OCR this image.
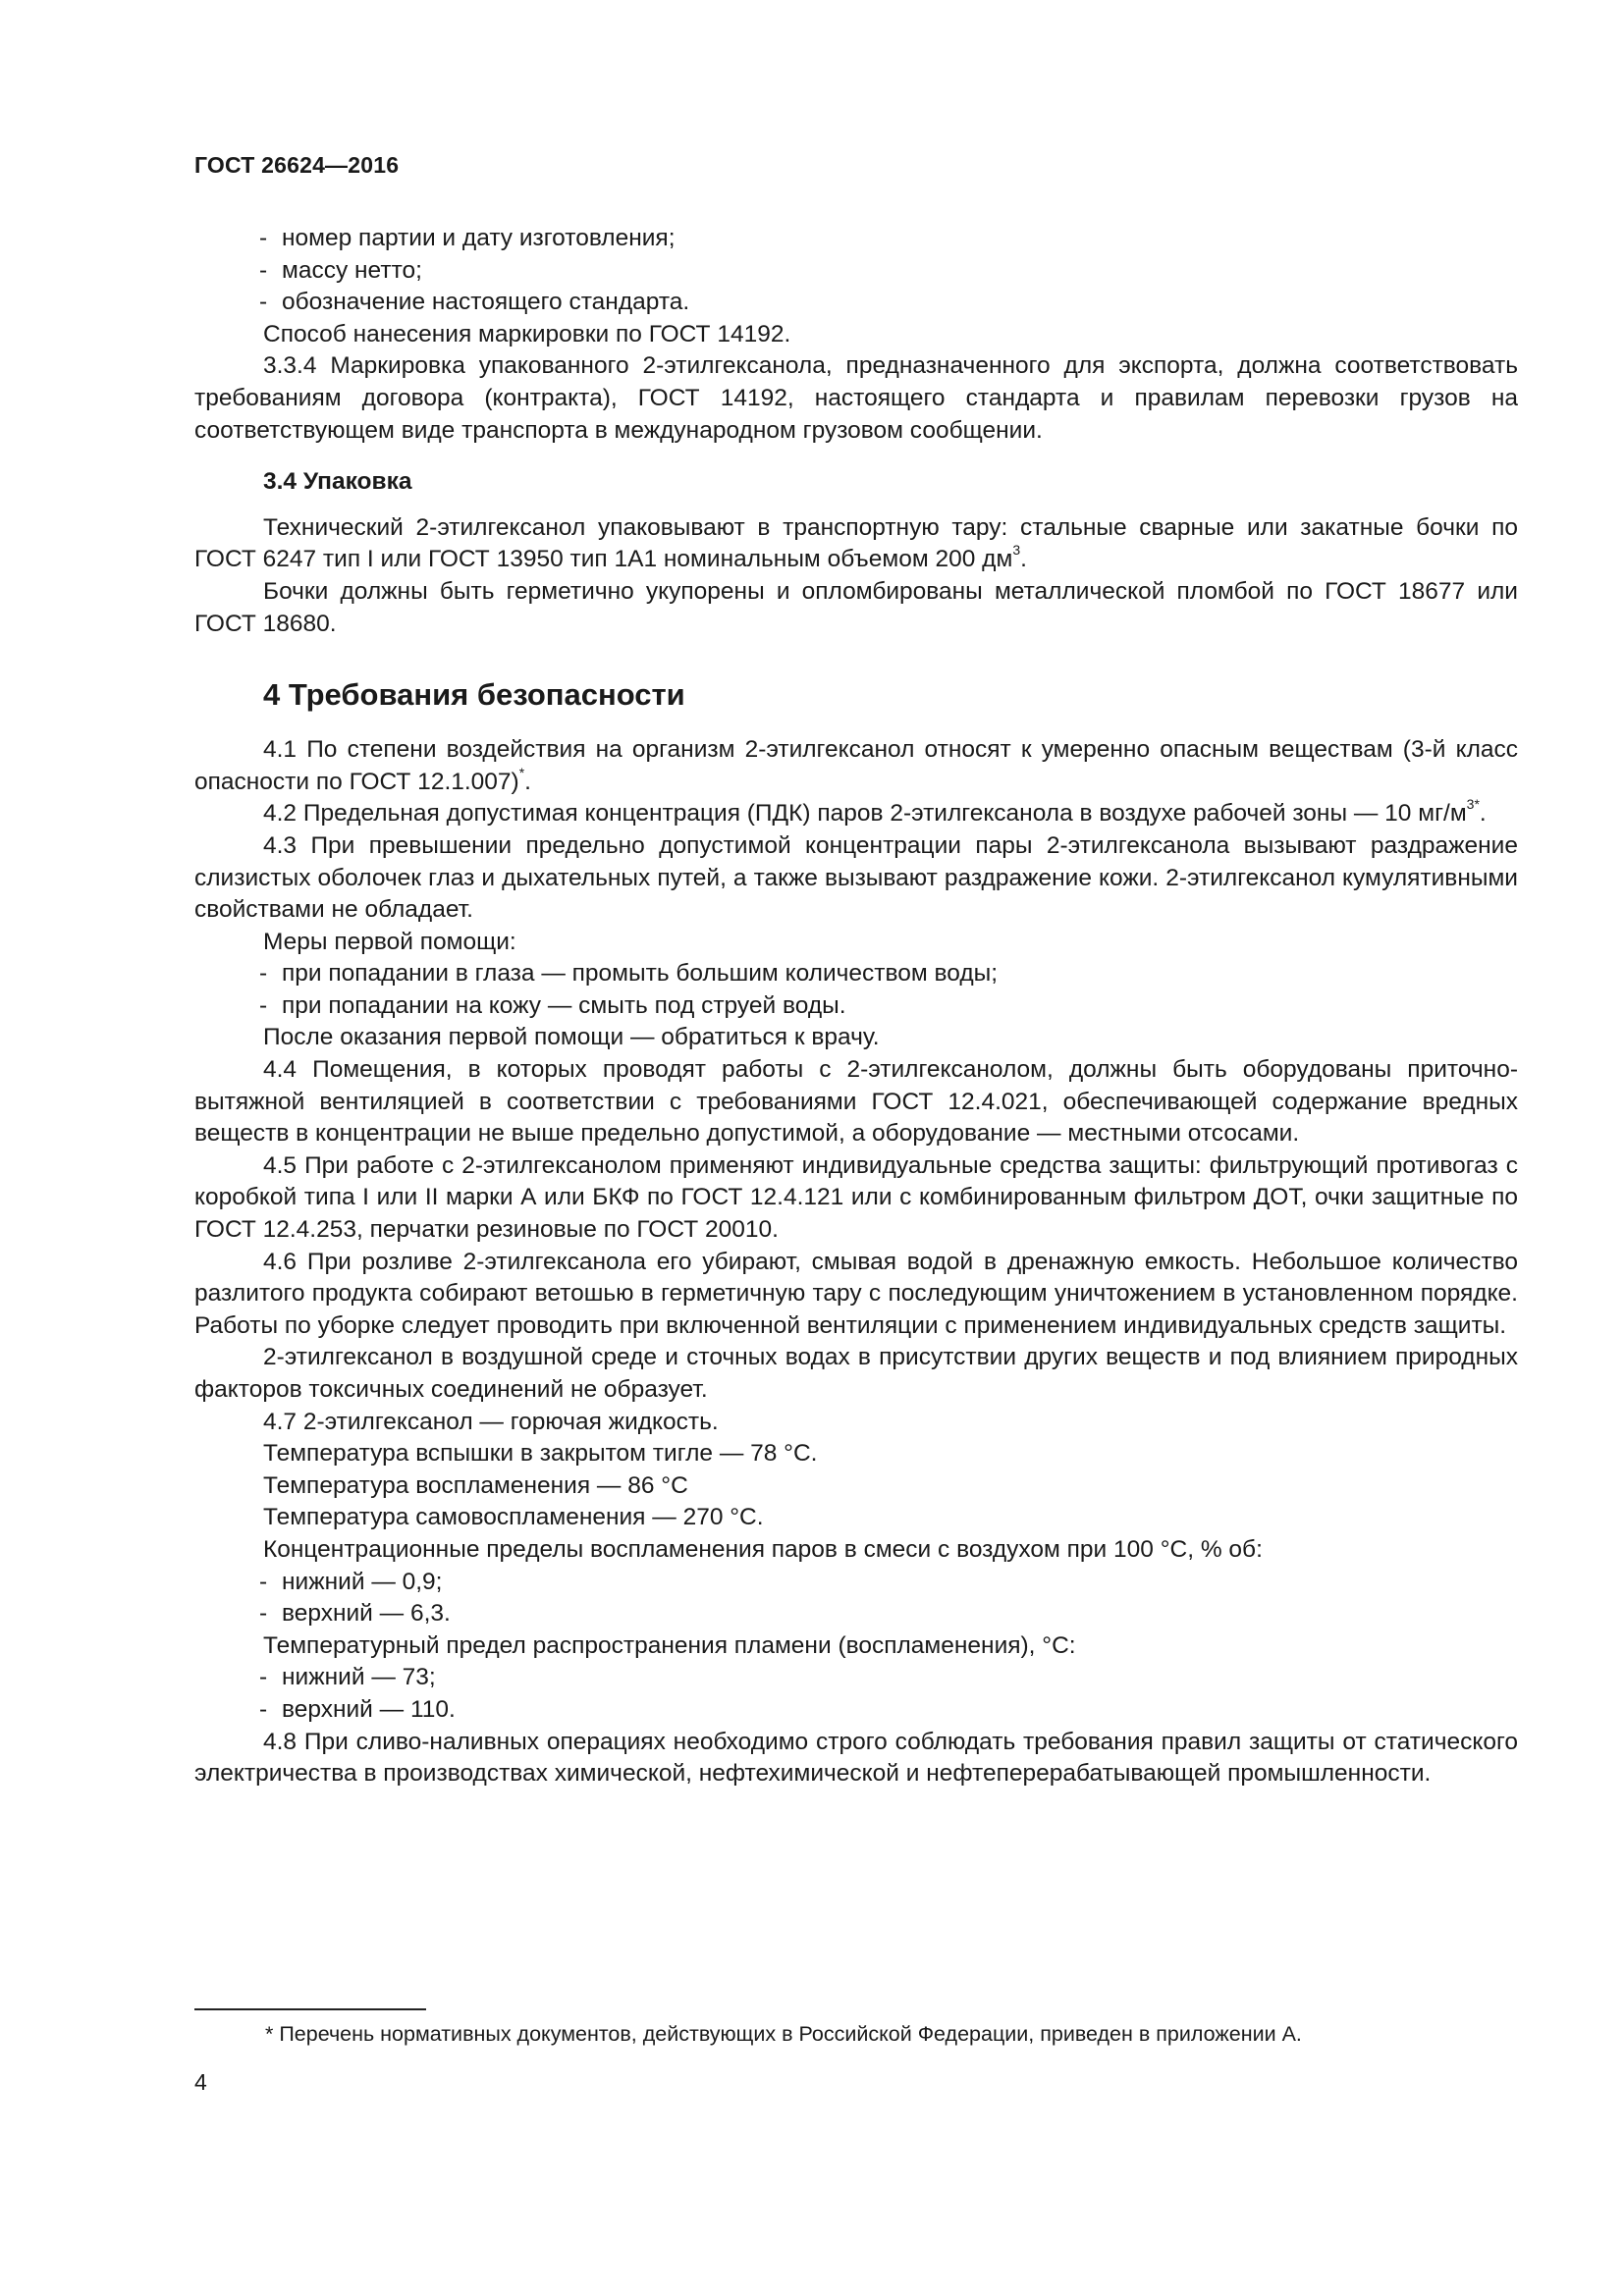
ГОСТ 26624—2016
- номер партии и дату изготовления;
- массу нетто;
- обозначение настоящего стандарта.

Способ нанесения маркировки по ГОСТ 14192.

3.3.4 Маркировка упакованного 2-этилгексанола, предназначенного для экспорта, должна соответствовать требованиям договора (контракта), ГОСТ 14192, настоящего стандарта и правилам перевозки грузов на соответствующем виде транспорта в международном грузовом сообщении.

3.4 Упаковка

Технический 2-этилгексанол упаковывают в транспортную тару: стальные сварные или закатные бочки по ГОСТ 6247 тип I или ГОСТ 13950 тип 1А1 номинальным объемом 200 $дм^3$.

Бочки должны быть герметично укупорены и опломбированы металлической пломбой по ГОСТ 18677 или ГОСТ 18680.

4 Требования безопасности

4.1 По степени воздействия на организм 2-этилгексанол относят к умеренно опасным веществам (3-й класс опасности по ГОСТ 12.1.007)*.

4.2 Предельная допустимая концентрация (ПДК) паров 2-этилгексанола в воздухе рабочей зоны — 10 $мг/м^{3*}$.

4.3 При превышении предельно допустимой концентрации пары 2-этилгексанола вызывают раздражение слизистых оболочек глаз и дыхательных путей, а также вызывают раздражение кожи. 2-этилгексанол кумулятивными свойствами не обладает.

Меры первой помощи:

- при попадании в глаза — промыть большим количеством воды;
- при попадании на кожу — смыть под струей воды.

После оказания первой помощи — обратиться к врачу.

4.4 Помещения, в которых проводят работы с 2-этилгексанолом, должны быть оборудованы приточно-вытяжной вентиляцией в соответствии с требованиями ГОСТ 12.4.021, обеспечивающей содержание вредных веществ в концентрации не выше предельно допустимой, а оборудование — местными отсосами.

4.5 При работе с 2-этилгексанолом применяют индивидуальные средства защиты: фильтрующий противогаз с коробкой типа I или II марки А или БКФ по ГОСТ 12.4.121 или с комбинированным фильтром ДОТ, очки защитные по ГОСТ 12.4.253, перчатки резиновые по ГОСТ 20010.

4.6 При розливе 2-этилгексанола его убирают, смывая водой в дренажную емкость. Небольшое количество разлитого продукта собирают ветошью в герметичную тару с последующим уничтожением в установленном порядке. Работы по уборке следует проводить при включенной вентиляции с применением индивидуальных средств защиты.

2-этилгексанол в воздушной среде и сточных водах в присутствии других веществ и под влиянием природных факторов токсичных соединений не образует.

4.7 2-этилгексанол — горючая жидкость.

Температура вспышки в закрытом тигле — 78 °С.

Температура воспламенения — 86 °С

Температура самовоспламенения — 270 °С.

Концентрационные пределы воспламенения паров в смеси с воздухом при 100 °С, % об:

- нижний — 0,9;
- верхний — 6,3.

Температурный предел распространения пламени (воспламенения), °С:

- нижний — 73;
- верхний — 110.

4.8 При сливо-наливных операциях необходимо строго соблюдать требования правил защиты от статического электричества в производствах химической, нефтехимической и нефтеперерабатывающей промышленности.

* Перечень нормативных документов, действующих в Российской Федерации, приведен в приложении А.
4
